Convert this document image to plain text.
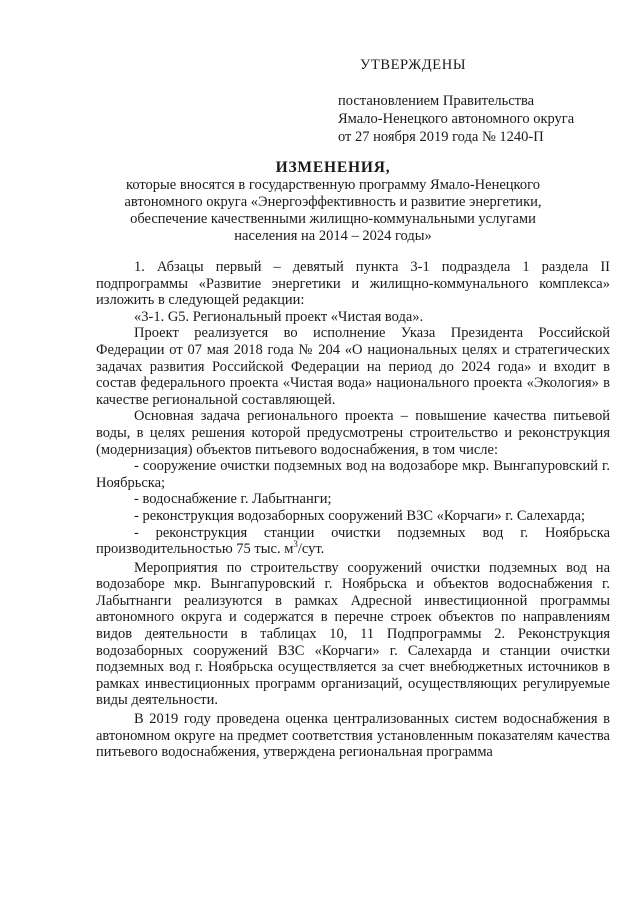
УТВЕРЖДЕНЫ
постановлением Правительства
Ямало-Ненецкого автономного округа
от 27 ноября 2019 года № 1240-П
ИЗМЕНЕНИЯ,
которые вносятся в государственную программу Ямало-Ненецкого
автономного округа «Энергоэффективность и развитие энергетики,
обеспечение качественными жилищно-коммунальными услугами
населения на 2014 – 2024 годы»

1. Абзацы первый – девятый пункта 3-1 подраздела 1 раздела II подпрограммы «Развитие энергетики и жилищно-коммунального комплекса» изложить в следующей редакции:

«3-1. G5. Региональный проект «Чистая вода».

Проект реализуется во исполнение Указа Президента Российской Федерации от 07 мая 2018 года № 204 «О национальных целях и стратегических задачах развития Российской Федерации на период до 2024 года» и входит в состав федерального проекта «Чистая вода» национального проекта «Экология» в качестве региональной составляющей.

Основная задача регионального проекта – повышение качества питьевой воды, в целях решения которой предусмотрены строительство и реконструкция (модернизация) объектов питьевого водоснабжения, в том числе:

- сооружение очистки подземных вод на водозаборе мкр. Вынгапуровский г. Ноябрьска;

- водоснабжение г. Лабытнанги;

- реконструкция водозаборных сооружений ВЗС «Корчаги» г. Салехарда;

- реконструкция станции очистки подземных вод г. Ноябрьска производительностью 75 тыс. $м^3$/сут.

Мероприятия по строительству сооружений очистки подземных вод на водозаборе мкр. Вынгапуровский г. Ноябрьска и объектов водоснабжения г. Лабытнанги реализуются в рамках Адресной инвестиционной программы автономного округа и содержатся в перечне строек объектов по направлениям видов деятельности в таблицах 10, 11 Подпрограммы 2. Реконструкция водозаборных сооружений ВЗС «Корчаги» г. Салехарда и станции очистки подземных вод г. Ноябрьска осуществляется за счет внебюджетных источников в рамках инвестиционных программ организаций, осуществляющих регулируемые виды деятельности.

В 2019 году проведена оценка централизованных систем водоснабжения в автономном округе на предмет соответствия установленным показателям качества питьевого водоснабжения, утверждена региональная программа
